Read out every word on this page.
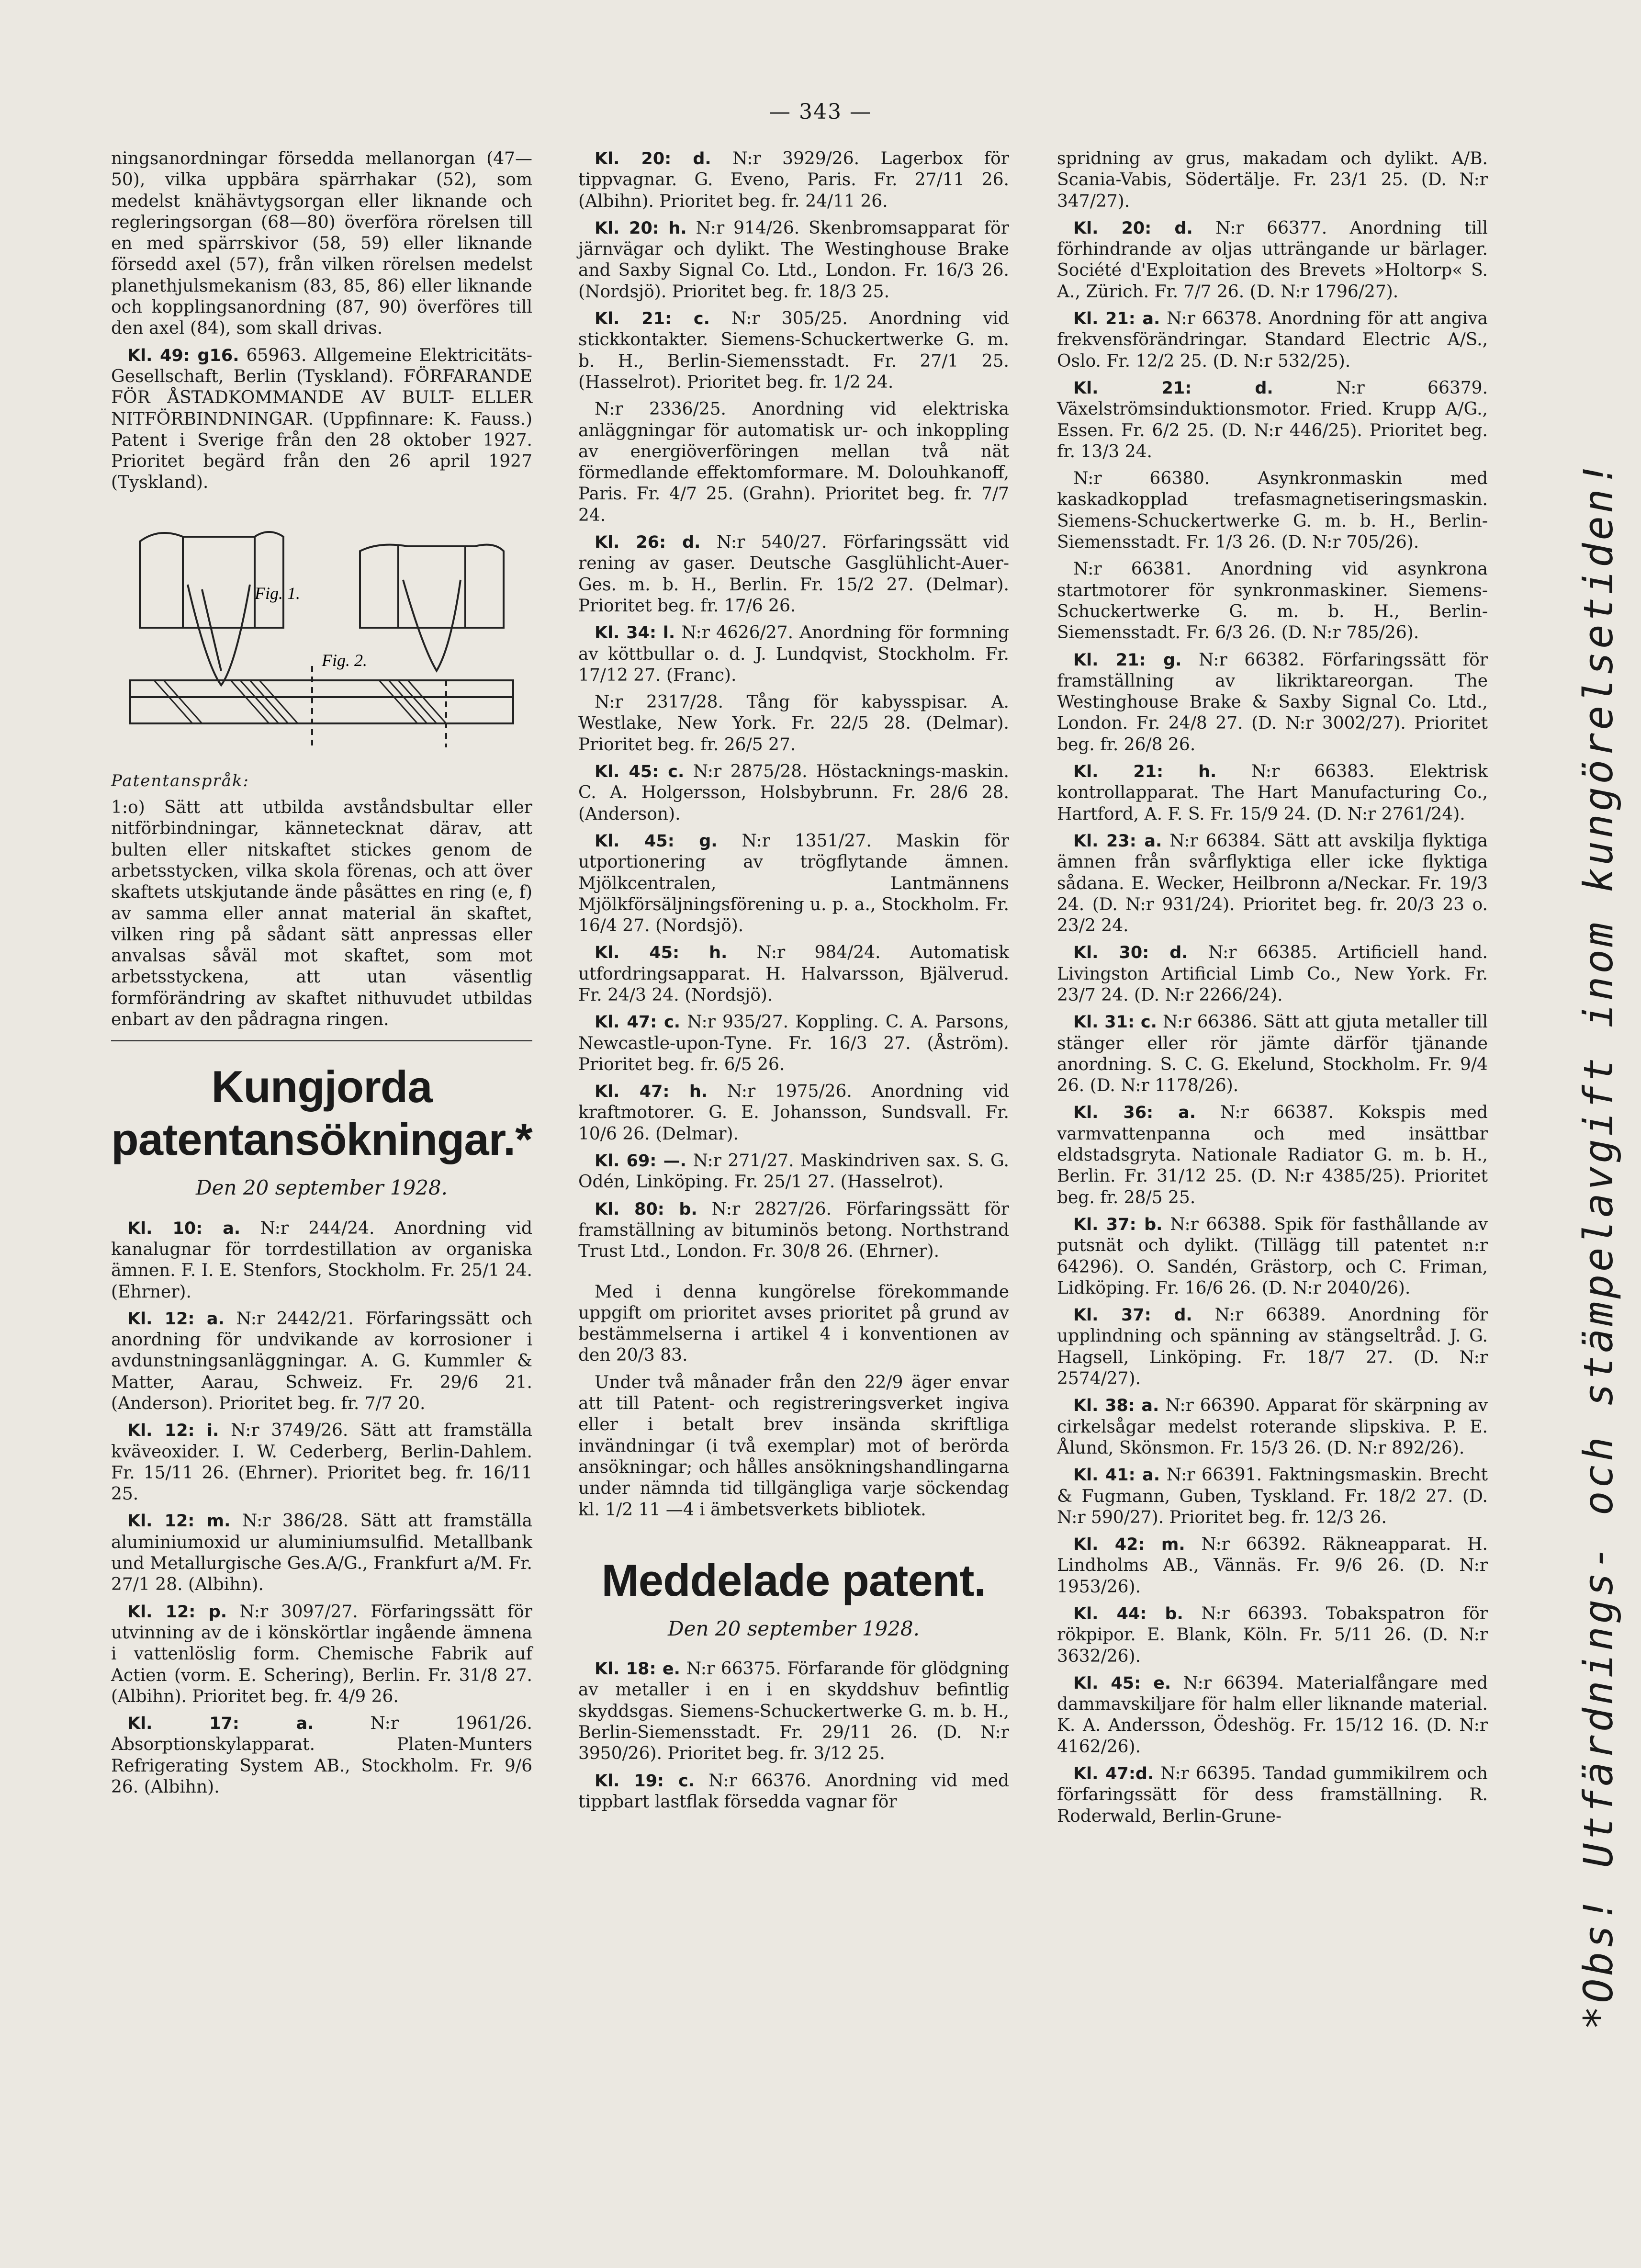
— 343 —

ningsanordningar försedda mellanorgan (47—50), vilka uppbära spärrhakar (52), som medelst knähävtygsorgan eller liknande och regleringsorgan (68—80) överföra rörelsen till en med spärrskivor (58, 59) eller liknande försedd axel (57), från vilken rörelsen medelst planethjulsmekanism (83, 85, 86) eller liknande och kopplingsanordning (87, 90) överföres till den axel (84), som skall drivas.

Kl. 49: g16. 65963. Allgemeine Elektricitäts-Gesellschaft, Berlin (Tyskland). FÖRFARANDE FÖR ÅSTADKOMMANDE AV BULT- ELLER NITFÖRBINDNINGAR. (Uppfinnare: K. Fauss.) Patent i Sverige från den 28 oktober 1927. Prioritet begärd från den 26 april 1927 (Tyskland).

Fig. 1.
Fig. 2.

Patentanspråk:

1:o) Sätt att utbilda avståndsbultar eller nitförbindningar, kännetecknat därav, att bulten eller nitskaftet stickes genom de arbetsstycken, vilka skola förenas, och att över skaftets utskjutande ände påsättes en ring (e, f) av samma eller annat material än skaftet, vilken ring på sådant sätt anpressas eller anvalsas såväl mot skaftet, som mot arbetsstyckena, att utan väsentlig formförändring av skaftet nithuvudet utbildas enbart av den pådragna ringen.

Kungjorda patentansökningar.*
Den 20 september 1928.

Kl. 10: a. N:r 244/24. Anordning vid kanalugnar för torrdestillation av organiska ämnen. F. I. E. Stenfors, Stockholm. Fr. 25/1 24. (Ehrner).

Kl. 12: a. N:r 2442/21. Förfaringssätt och anordning för undvikande av korrosioner i avdunstningsanläggningar. A. G. Kummler & Matter, Aarau, Schweiz. Fr. 29/6 21. (Anderson). Prioritet beg. fr. 7/7 20.

Kl. 12: i. N:r 3749/26. Sätt att framställa kväveoxider. I. W. Cederberg, Berlin-Dahlem. Fr. 15/11 26. (Ehrner). Prioritet beg. fr. 16/11 25.

Kl. 12: m. N:r 386/28. Sätt att framställa aluminiumoxid ur aluminiumsulfid. Metallbank und Metallurgische Ges.A/G., Frankfurt a/M. Fr. 27/1 28. (Albihn).

Kl. 12: p. N:r 3097/27. Förfaringssätt för utvinning av de i könskörtlar ingående ämnena i vattenlöslig form. Chemische Fabrik auf Actien (vorm. E. Schering), Berlin. Fr. 31/8 27. (Albihn). Prioritet beg. fr. 4/9 26.

Kl. 17: a.	N:r 1961/26. Absorptionskylapparat. Platen-Munters Refrigerating System AB., Stockholm. Fr. 9/6 26. (Albihn).

Kl. 20: d. N:r 3929/26. Lagerbox för tippvagnar. G. Eveno, Paris. Fr. 27/11 26. (Albihn). Prioritet beg. fr. 24/11 26.

Kl. 20: h. N:r 914/26. Skenbromsapparat för järnvägar och dylikt. The Westinghouse Brake and Saxby Signal Co. Ltd., London. Fr. 16/3 26. (Nordsjö). Prioritet beg. fr. 18/3 25.

Kl. 21: c. N:r 305/25. Anordning vid stickkontakter. Siemens-Schuckertwerke G. m. b. H., Berlin-Siemensstadt. Fr. 27/1 25. (Hasselrot). Prioritet beg. fr. 1/2 24.

N:r 2336/25. Anordning vid elektriska anläggningar för automatisk ur- och inkoppling av energiöverföringen mellan två nät förmedlande effektomformare. M. Dolouhkanoff, Paris. Fr. 4/7 25. (Grahn). Prioritet beg. fr. 7/7 24.

Kl. 26: d. N:r 540/27. Förfaringssätt vid rening av gaser. Deutsche Gasglühlicht-Auer-Ges. m. b. H., Berlin. Fr. 15/2 27. (Delmar). Prioritet beg. fr. 17/6 26.

Kl. 34: l. N:r 4626/27. Anordning för formning av köttbullar o. d. J. Lundqvist, Stockholm. Fr. 17/12 27. (Franc).

N:r 2317/28. Tång för kabysspisar. A. Westlake, New York. Fr. 22/5 28. (Delmar). Prioritet beg. fr. 26/5 27.

Kl. 45: c. N:r 2875/28. Höstacknings-maskin. C. A. Holgersson, Holsbybrunn. Fr. 28/6 28. (Anderson).

Kl. 45: g. N:r 1351/27. Maskin för utportionering av trögflytande ämnen. Mjölkcentralen, Lantmännens Mjölkförsäljningsförening u. p. a., Stockholm. Fr. 16/4 27. (Nordsjö).

Kl. 45: h. N:r 984/24. Automatisk utfordringsapparat. H. Halvarsson, Bjälverud. Fr. 24/3 24. (Nordsjö).

Kl. 47: c. N:r 935/27. Koppling. C. A. Parsons, Newcastle-upon-Tyne. Fr. 16/3 27. (Åström). Prioritet beg. fr. 6/5 26.

Kl. 47: h. N:r 1975/26. Anordning vid kraftmotorer. G. E. Johansson, Sundsvall. Fr. 10/6 26. (Delmar).

Kl. 69: —. N:r 271/27. Maskindriven sax. S. G. Odén, Linköping. Fr. 25/1 27. (Hasselrot).

Kl. 80: b. N:r 2827/26. Förfaringssätt för framställning av bituminös betong. Northstrand Trust Ltd., London. Fr. 30/8 26. (Ehrner).

Med i denna kungörelse förekommande uppgift om prioritet avses prioritet på grund av bestämmelserna i artikel 4 i konventionen av den 20/3 83.

Under två månader från den 22/9 äger envar att till Patent- och registreringsverket ingiva eller i betalt brev insända skriftliga invändningar (i två exemplar) mot of berörda ansökningar; och hålles ansökningshandlingarna under nämnda tid tillgängliga varje söckendag kl. 1/2 11 —4 i ämbetsverkets bibliotek.

Meddelade patent.
Den 20 september 1928.

Kl. 18: e. N:r 66375. Förfarande för glödgning av metaller i en i en skyddshuv befintlig skyddsgas. Siemens-Schuckertwerke G. m. b. H., Berlin-Siemensstadt. Fr. 29/11 26. (D. N:r 3950/26). Prioritet beg. fr. 3/12 25.

Kl. 19: c. N:r 66376. Anordning vid med tippbart lastflak försedda vagnar för

spridning av grus, makadam och dylikt. A/B. Scania-Vabis, Södertälje. Fr. 23/1 25. (D. N:r 347/27).

Kl. 20: d. N:r 66377. Anordning till förhindrande av oljas utträngande ur bärlager. Société d'Exploitation des Brevets »Holtorp« S. A., Zürich. Fr. 7/7 26. (D. N:r 1796/27).

Kl. 21: a. N:r 66378. Anordning för att angiva frekvensförändringar. Standard Electric A/S., Oslo. Fr. 12/2 25. (D. N:r 532/25).

Kl. 21: d.	N:r 66379. Växelströmsinduktionsmotor. Fried. Krupp A/G., Essen. Fr. 6/2 25. (D. N:r 446/25). Prioritet beg. fr. 13/3 24.

N:r 66380. Asynkronmaskin med kaskadkopplad trefasmagnetiseringsmaskin. Siemens-Schuckertwerke G. m. b. H., Berlin-Siemensstadt. Fr. 1/3 26. (D. N:r 705/26).

N:r 66381. Anordning vid asynkrona startmotorer för synkronmaskiner. Siemens-Schuckertwerke G. m. b. H., Berlin-Siemensstadt. Fr. 6/3 26. (D. N:r 785/26).

Kl. 21: g. N:r 66382. Förfaringssätt för framställning av likriktareorgan. The Westinghouse Brake & Saxby Signal Co. Ltd., London. Fr. 24/8 27. (D. N:r 3002/27). Prioritet beg. fr. 26/8 26.

Kl. 21: h. N:r 66383. Elektrisk kontrollapparat. The Hart Manufacturing Co., Hartford, A. F. S. Fr. 15/9 24. (D. N:r 2761/24).

Kl. 23: a. N:r 66384. Sätt att avskilja flyktiga ämnen från svårflyktiga eller icke flyktiga sådana. E. Wecker, Heilbronn a/Neckar. Fr. 19/3 24. (D. N:r 931/24). Prioritet beg. fr. 20/3 23 o. 23/2 24.

Kl. 30: d. N:r 66385. Artificiell hand. Livingston Artificial Limb Co., New York. Fr. 23/7 24. (D. N:r 2266/24).

Kl. 31: c. N:r 66386. Sätt att gjuta metaller till stänger eller rör jämte därför tjänande anordning. S. C. G. Ekelund, Stockholm. Fr. 9/4 26. (D. N:r 1178/26).

Kl. 36: a. N:r 66387. Kokspis med varmvattenpanna och med insättbar eldstadsgryta. Nationale Radiator G. m. b. H., Berlin. Fr. 31/12 25. (D. N:r 4385/25). Prioritet beg. fr. 28/5 25.

Kl. 37: b. N:r 66388. Spik för fasthållande av putsnät och dylikt. (Tillägg till patentet n:r 64296). O. Sandén, Grästorp, och C. Friman, Lidköping. Fr. 16/6 26. (D. N:r 2040/26).

Kl. 37: d. N:r 66389. Anordning för upplindning och spänning av stängseltråd. J. G. Hagsell, Linköping. Fr. 18/7 27. (D. N:r 2574/27).

Kl. 38: a. N:r 66390. Apparat för skärpning av cirkelsågar medelst roterande slipskiva. P. E. Ålund, Skönsmon. Fr. 15/3 26. (D. N:r 892/26).

Kl. 41: a. N:r 66391. Faktningsmaskin. Brecht & Fugmann, Guben, Tyskland. Fr. 18/2 27. (D. N:r 590/27). Prioritet beg. fr. 12/3 26.

Kl. 42: m. N:r 66392. Räkneapparat. H. Lindholms AB., Vännäs. Fr. 9/6 26. (D. N:r 1953/26).

Kl. 44: b. N:r 66393. Tobakspatron för rökpipor. E. Blank, Köln. Fr. 5/11 26. (D. N:r 3632/26).

Kl. 45: e. N:r 66394. Materialfångare med dammavskiljare för halm eller liknande material. K. A. Andersson, Ödeshög. Fr. 15/12 16. (D. N:r 4162/26).

Kl. 47:d. N:r 66395. Tandad gummikilrem och förfaringssätt för dess framställning. R. Roderwald, Berlin-Grune-	*Obs! Utfärdnings- och stämpelavgift inom kungörelsetiden!
